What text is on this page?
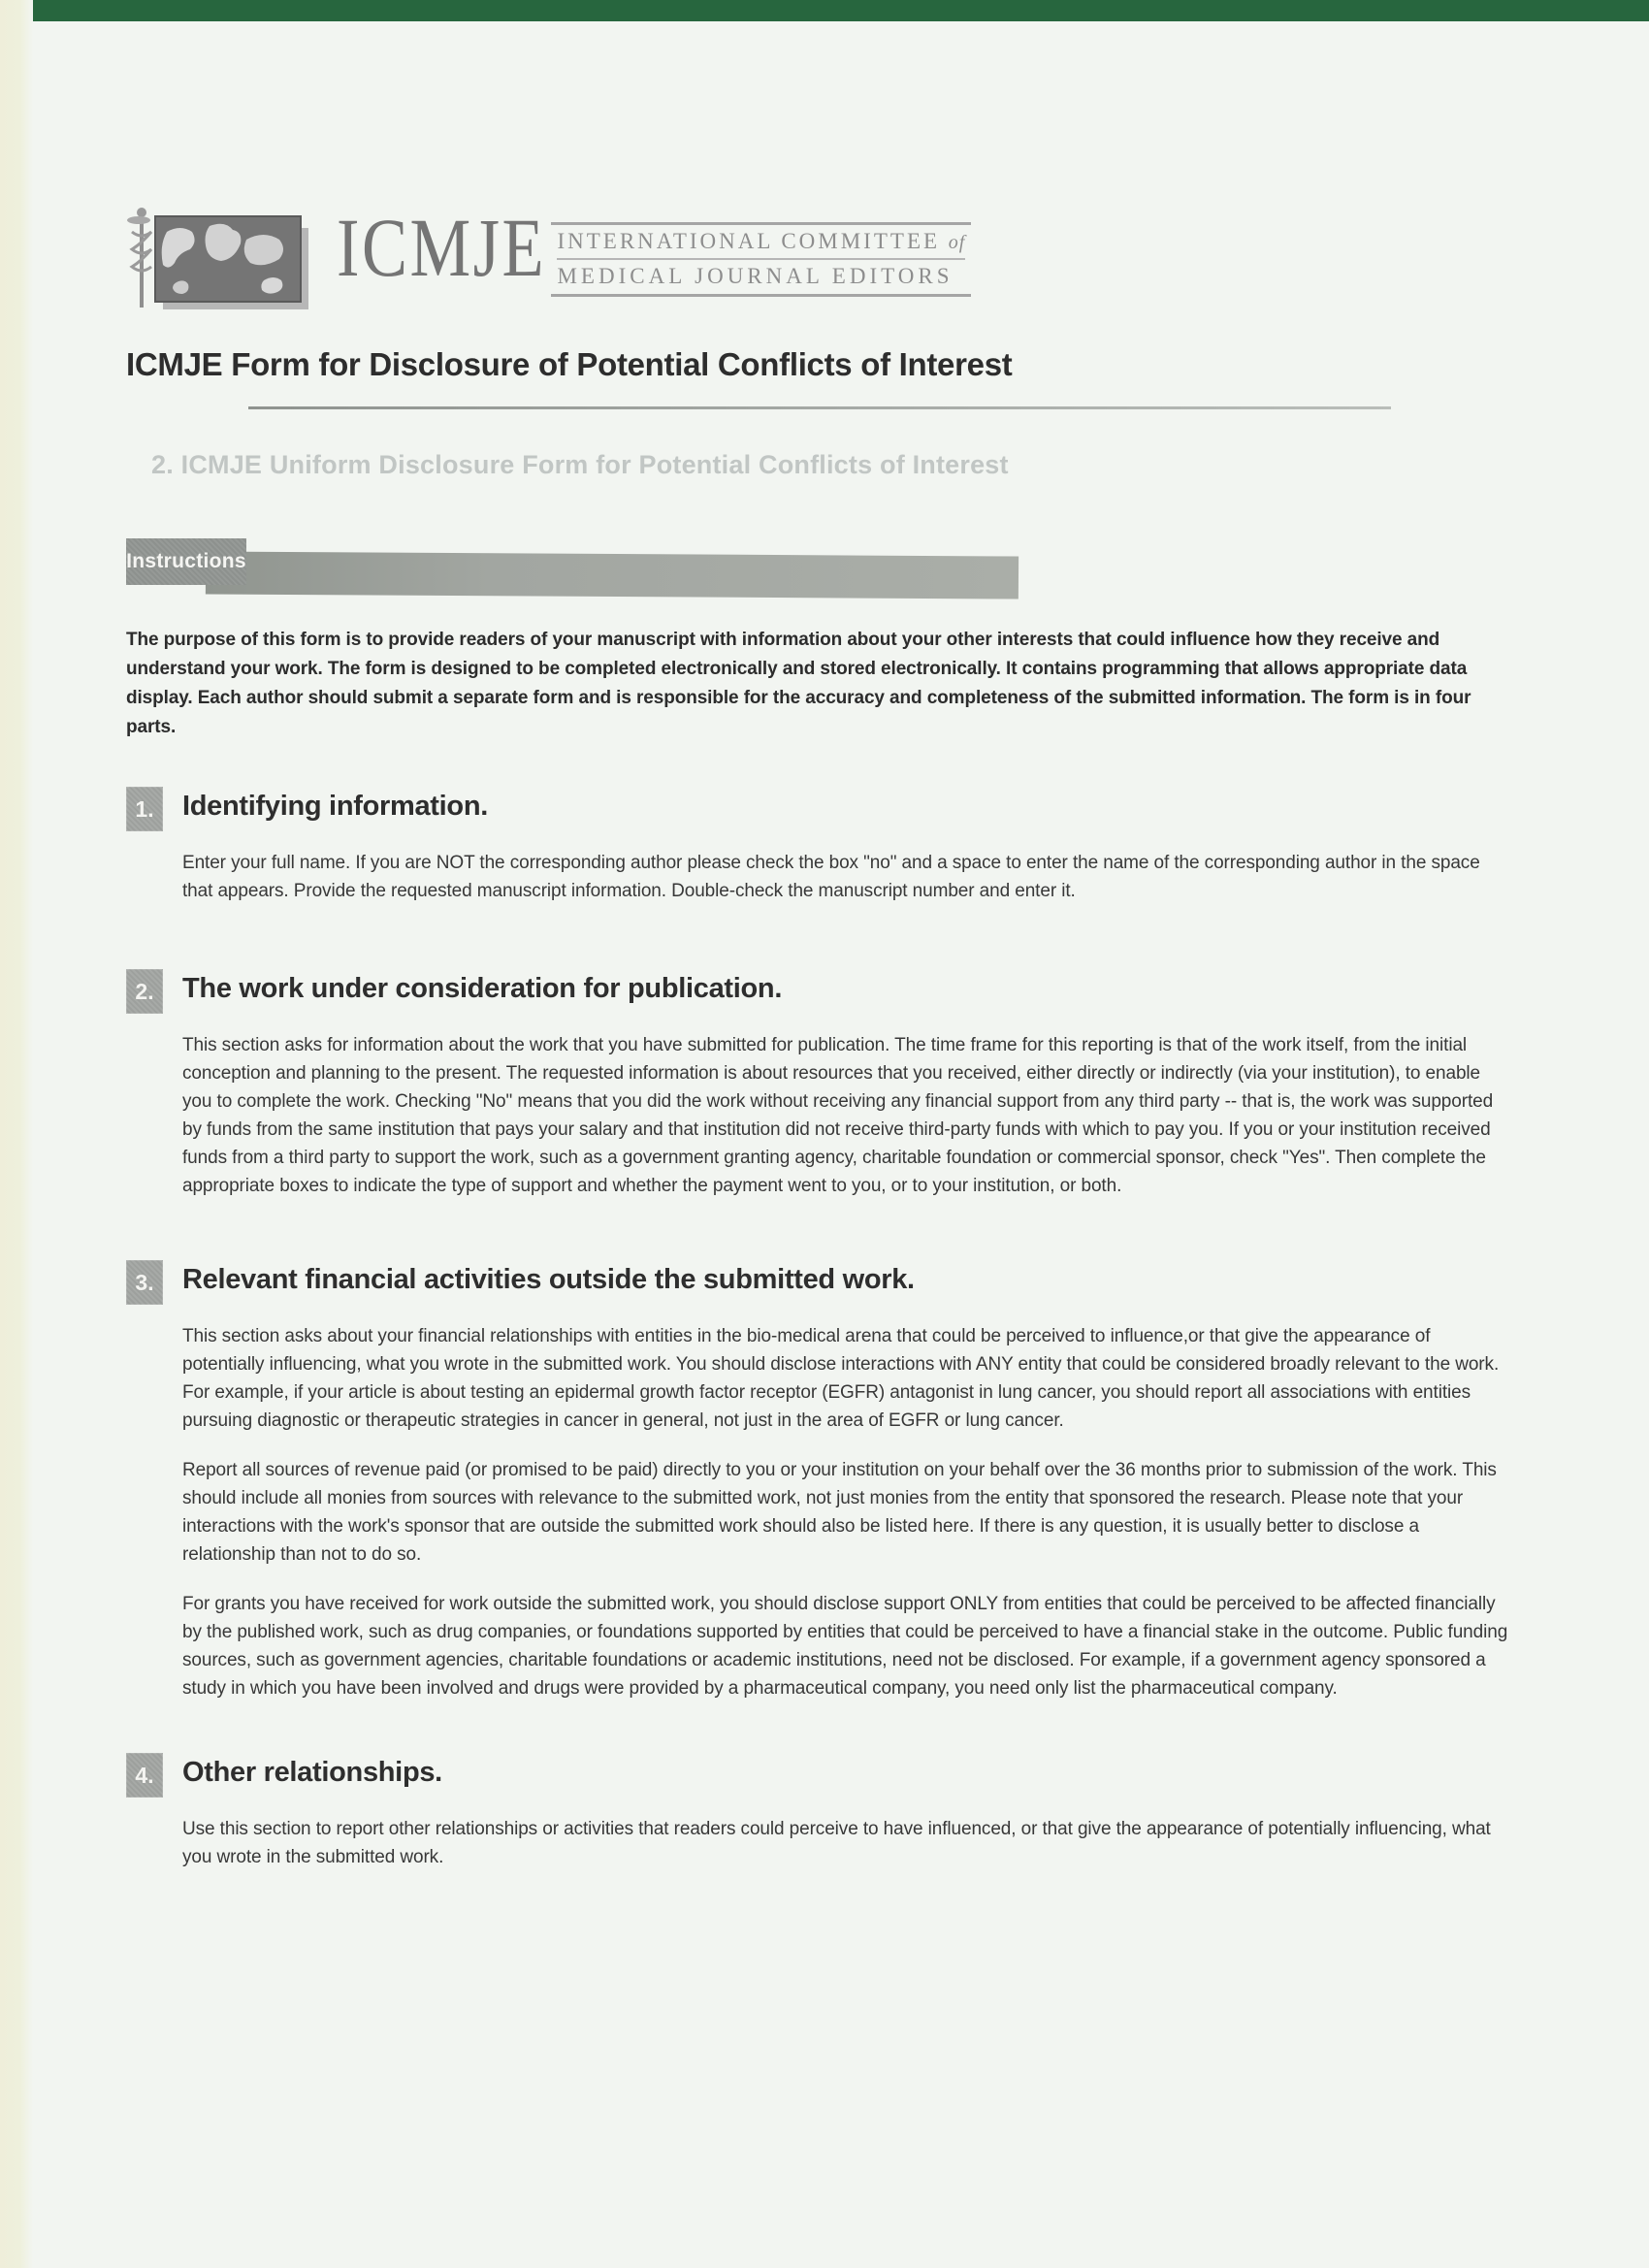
ICMJE INTERNATIONAL COMMITTEE of
MEDICAL JOURNAL EDITORS
ICMJE Form for Disclosure of Potential Conflicts of Interest
2. ICMJE Uniform Disclosure Form for Potential Conflicts of Interest
Instructions

The purpose of this form is to provide readers of your manuscript with information about your other interests that could influence how they receive and understand your work. The form is designed to be completed electronically and stored electronically. It contains programming that allows appropriate data display. Each author should submit a separate form and is responsible for the accuracy and completeness of the submitted information. The form is in four parts.

1.	Identifying information.

Enter your full name. If you are NOT the corresponding author please check the box "no" and a space to enter the name of the corresponding author in the space that appears. Provide the requested manuscript information. Double-check the manuscript number and enter it.

2.	The work under consideration for publication.

This section asks for information about the work that you have submitted for publication. The time frame for this reporting is that of the work itself, from the initial conception and planning to the present. The requested information is about resources that you received, either directly or indirectly (via your institution), to enable you to complete the work. Checking "No" means that you did the work without receiving any financial support from any third party -- that is, the work was supported by funds from the same institution that pays your salary and that institution did not receive third-party funds with which to pay you. If you or your institution received funds from a third party to support the work, such as a government granting agency, charitable foundation or commercial sponsor, check "Yes". Then complete the appropriate boxes to indicate the type of support and whether the payment went to you, or to your institution, or both.

3.	Relevant financial activities outside the submitted work.

This section asks about your financial relationships with entities in the bio-medical arena that could be perceived to influence,or that give the appearance of potentially influencing, what you wrote in the submitted work. You should disclose interactions with ANY entity that could be considered broadly relevant to the work. For example, if your article is about testing an epidermal growth factor receptor (EGFR) antagonist in lung cancer, you should report all associations with entities pursuing diagnostic or therapeutic strategies in cancer in general, not just in the area of EGFR or lung cancer.

Report all sources of revenue paid (or promised to be paid) directly to you or your institution on your behalf over the 36 months prior to submission of the work. This should include all monies from sources with relevance to the submitted work, not just monies from the entity that sponsored the research. Please note that your interactions with the work's sponsor that are outside the submitted work should also be listed here. If there is any question, it is usually better to disclose a relationship than not to do so.

For grants you have received for work outside the submitted work, you should disclose support ONLY from entities that could be perceived to be affected financially by the published work, such as drug companies, or foundations supported by entities that could be perceived to have a financial stake in the outcome. Public funding sources, such as government agencies, charitable foundations or academic institutions, need not be disclosed. For example, if a government agency sponsored a study in which you have been involved and drugs were provided by a pharmaceutical company, you need only list the pharmaceutical company.

4.	Other relationships.

Use this section to report other relationships or activities that readers could perceive to have influenced, or that give the appearance of potentially influencing, what you wrote in the submitted work.
